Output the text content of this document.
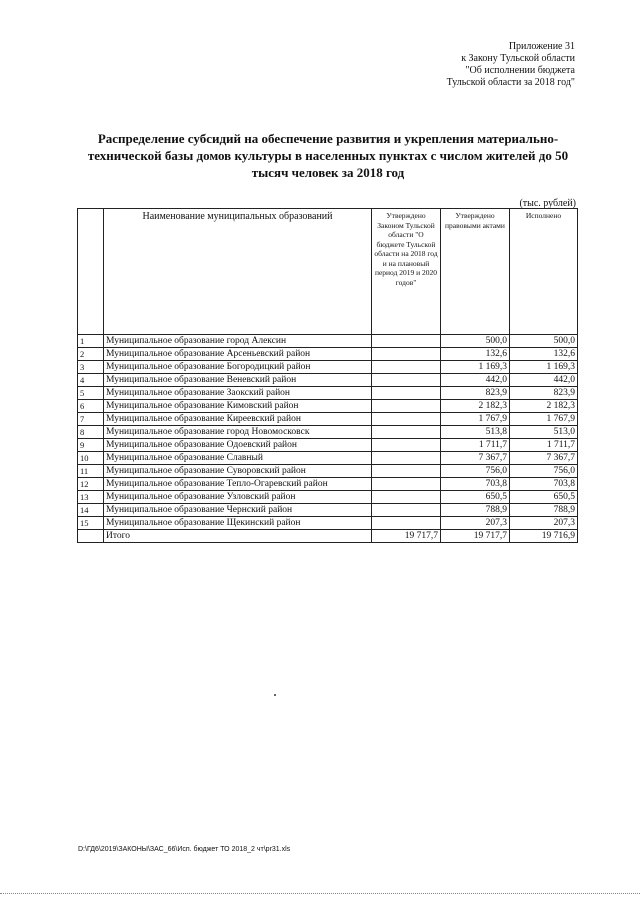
Приложение 31
к Закону Тульской области
"Об исполнении бюджета
Тульской области за 2018 год"
Распределение субсидий на обеспечение развития и укрепления материально-технической базы домов культуры в населенных пунктах с числом жителей до 50 тысяч человек за 2018 год
(тыс. рублей)
	Наименование муниципальных образований	Утверждено Законом Тульской области "О бюджете Тульской области на 2018 год и на плановый период 2019 и 2020 годов"	Утверждено правовыми актами	Исполнено
1	Муниципальное образование город Алексин		500,0	500,0
2	Муниципальное образование Арсеньевский район		132,6	132,6
3	Муниципальное образование Богородицкий район		1 169,3	1 169,3
4	Муниципальное образование Веневский район		442,0	442,0
5	Муниципальное образование Заокский район		823,9	823,9
6	Муниципальное образование Кимовский район		2 182,3	2 182,3
7	Муниципальное образование Киреевский район		1 767,9	1 767,9
8	Муниципальное образование город Новомосковск		513,8	513,0
9	Муниципальное образование Одоевский район		1 711,7	1 711,7
10	Муниципальное образование Славный		7 367,7	7 367,7
11	Муниципальное образование Суворовский район		756,0	756,0
12	Муниципальное образование Тепло-Огаревский район		703,8	703,8
13	Муниципальное образование Узловский район		650,5	650,5
14	Муниципальное образование Чернский район		788,9	788,9
15	Муниципальное образование Щекинский район		207,3	207,3
	Итого	19 717,7	19 717,7	19 716,9
D:\ГД6\2019\ЗАКОНЫ\ЗАС_66\Исп. бюджет ТО 2018_2 чт\pr31.xls
